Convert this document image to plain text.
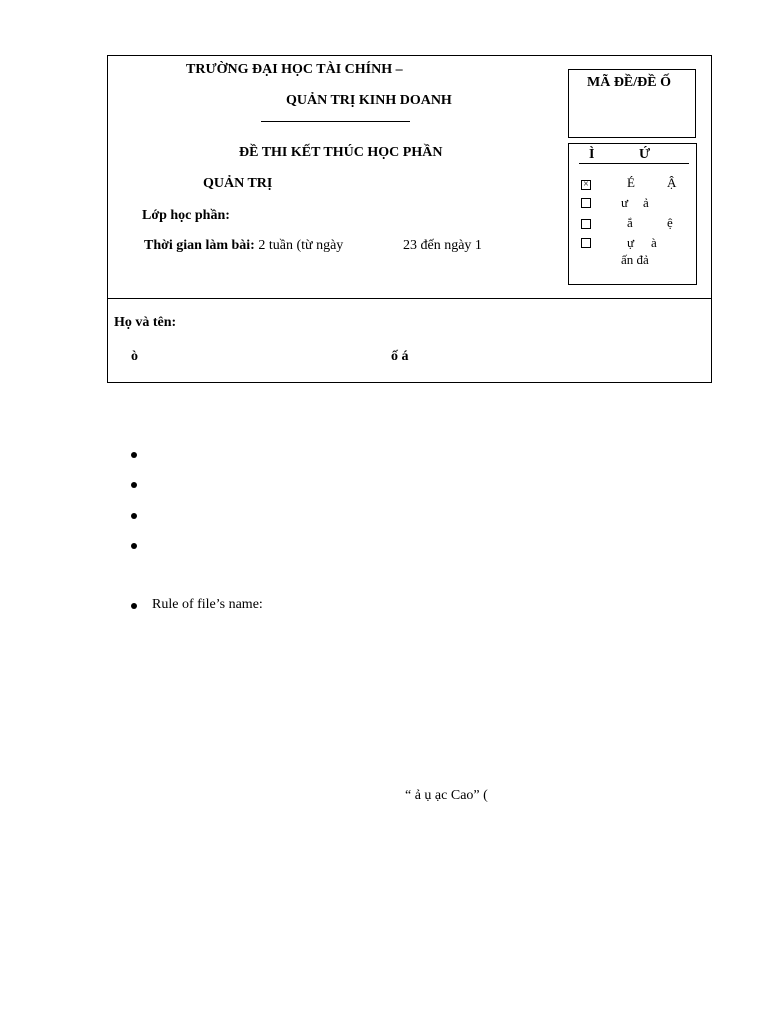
TRƯỜNG ĐẠI HỌC TÀI CHÍNH –
QUẢN TRỊ KINH DOANH
ĐỀ THI KẾT THÚC HỌC PHẦN
QUẢN TRỊ
Lớp học phần:
Thời gian làm bài: 2 tuần (từ ngày	23 đến ngày 1
MÃ ĐỀ/ĐỀ Ố
Ì	Ứ
×	É Ậ
ư ả
ắ	ệ
ự à
ấn đả
Họ và tên:
ò	ố á
Rule of file’s name:
“ ả ụ ạc Cao” (
